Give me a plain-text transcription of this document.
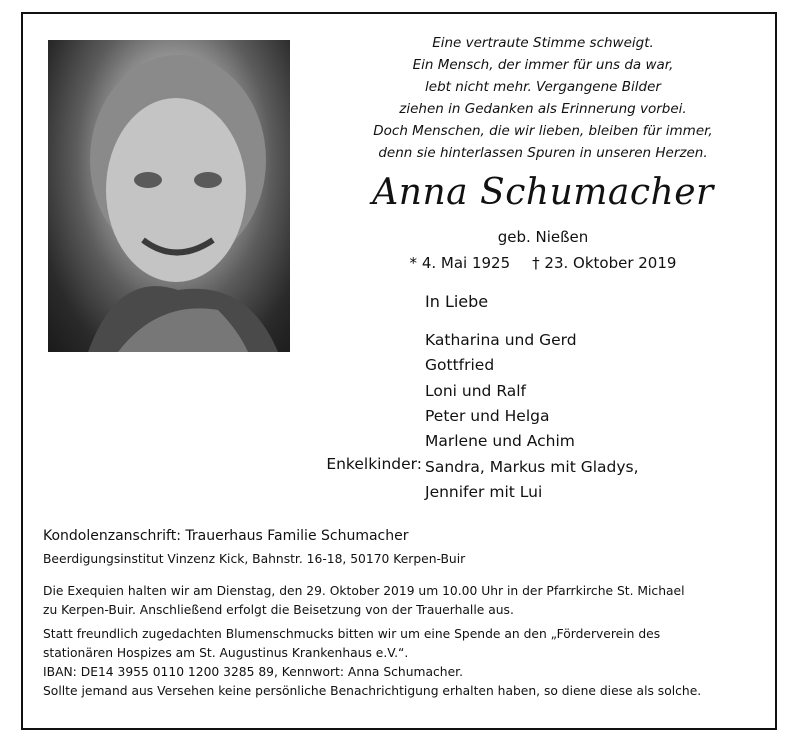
Eine vertraute Stimme schweigt.
Ein Mensch, der immer für uns da war,
lebt nicht mehr. Vergangene Bilder
ziehen in Gedanken als Erinnerung vorbei.
Doch Menschen, die wir lieben, bleiben für immer,
denn sie hinterlassen Spuren in unseren Herzen.
Anna Schumacher
geb. Nießen
* 4. Mai 1925 † 23. Oktober 2019
In Liebe
Katharina und Gerd
Gottfried
Loni und Ralf
Peter und Helga
Marlene und Achim
Enkelkinder: Sandra, Markus mit Gladys,
Jennifer mit Lui
Kondolenzanschrift: Trauerhaus Familie Schumacher
Beerdigungsinstitut Vinzenz Kick, Bahnstr. 16-18, 50170 Kerpen-Buir
Die Exequien halten wir am Dienstag, den 29. Oktober 2019 um 10.00 Uhr in der Pfarrkirche St. Michael
zu Kerpen-Buir. Anschließend erfolgt die Beisetzung von der Trauerhalle aus.
Statt freundlich zugedachten Blumenschmucks bitten wir um eine Spende an den „Förderverein des
stationären Hospizes am St. Augustinus Krankenhaus e.V.“.
IBAN: DE14 3955 0110 1200 3285 89, Kennwort: Anna Schumacher.
Sollte jemand aus Versehen keine persönliche Benachrichtigung erhalten haben, so diene diese als solche.
